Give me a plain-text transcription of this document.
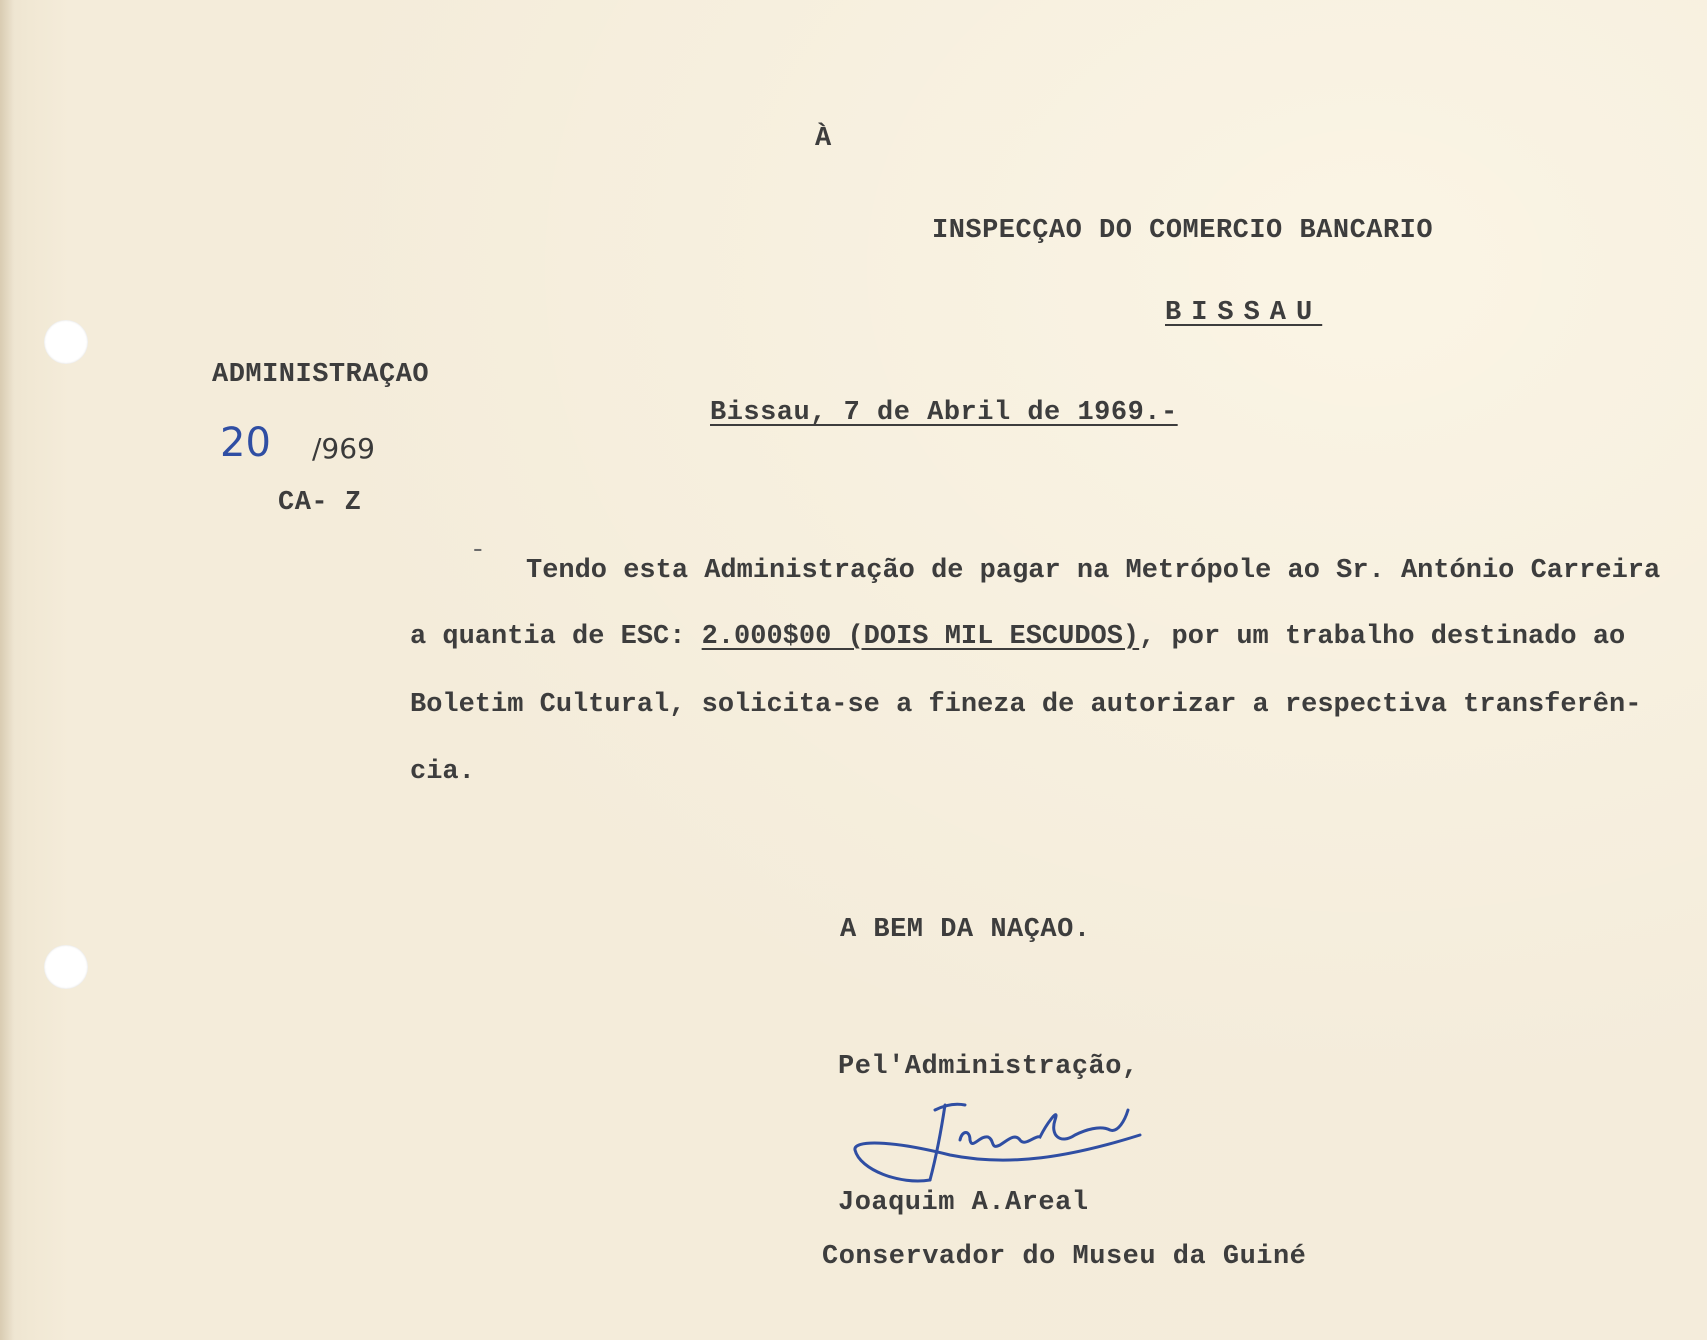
À
INSPECÇAO DO COMERCIO BANCARIO
BISSAU
ADMINISTRAÇAO
20 /969
CA- Z
Bissau, 7 de Abril de 1969.-
-
Tendo esta Administração de pagar na Metrópole ao Sr. António Carreira
a quantia de ESC: 2.000$00 (DOIS MIL ESCUDOS), por um trabalho destinado ao
Boletim Cultural, solicita-se a fineza de autorizar a respectiva transferên-
cia.
A BEM DA NAÇAO.
Pel'Administração,
Joaquim A.Areal
Conservador do Museu da Guiné
